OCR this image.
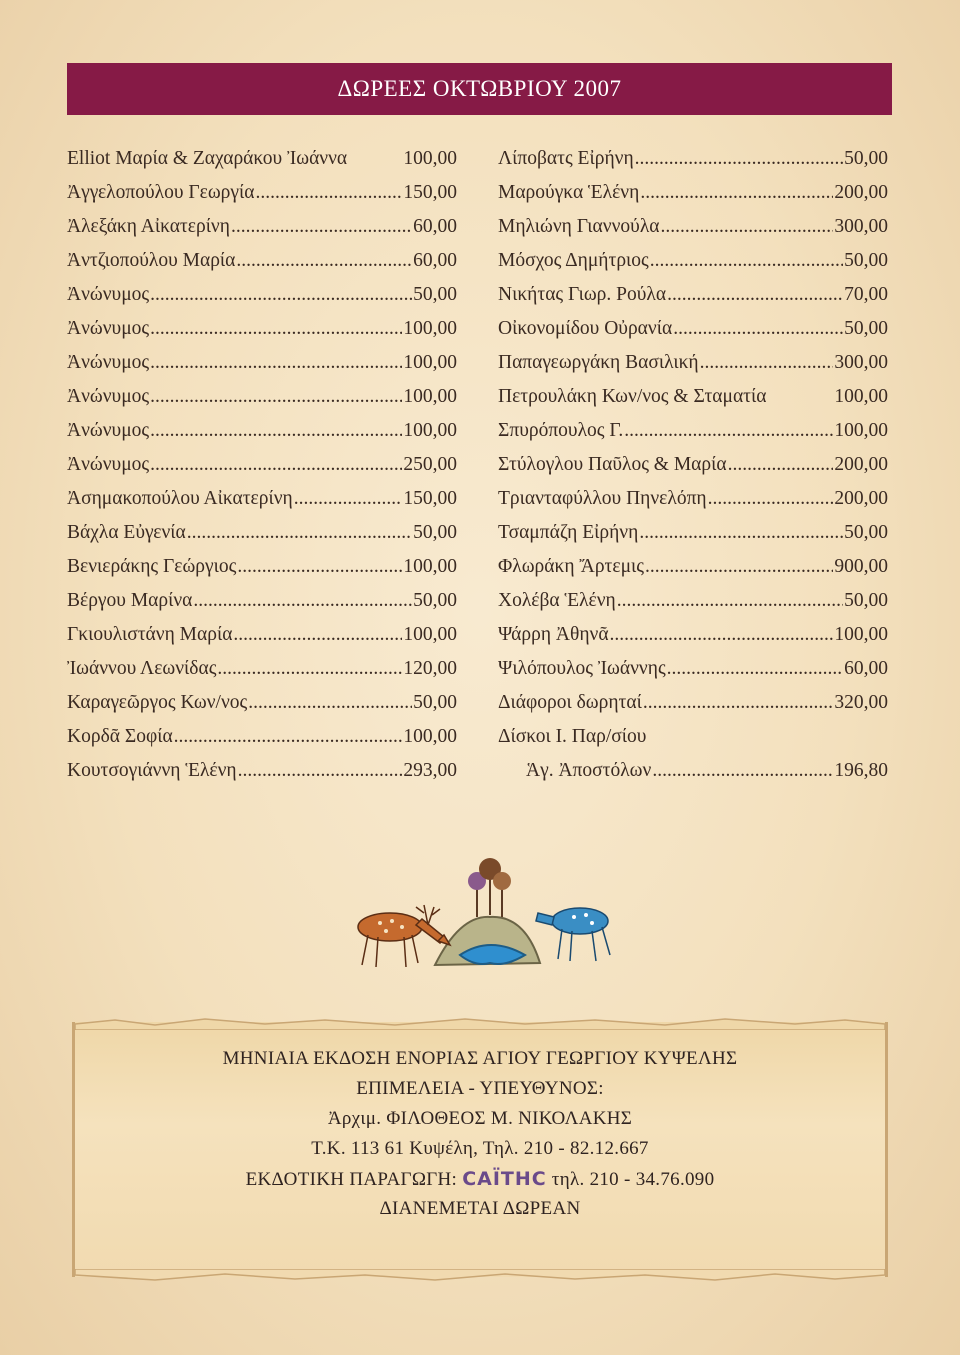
ΔΩΡΕΕΣ ΟΚΤΩΒΡΙΟΥ 2007
Elliot Μαρία & Ζαχαράκου Ἰωάννα	100,00
Ἀγγελοπούλου Γεωργία .....	150,00
Ἀλεξάκη Αἰκατερίνη .....	60,00
Ἀντζιοπούλου Μαρία .....	60,00
Ἀνώνυμος .....	50,00
Ἀνώνυμος .....	100,00
Ἀνώνυμος .....	100,00
Ἀνώνυμος .....	100,00
Ἀνώνυμος .....	100,00
Ἀνώνυμος .....	250,00
Ἀσημακοπούλου Αἰκατερίνη .....	150,00
Βάχλα Εὐγενία .....	50,00
Βενιεράκης Γεώργιος .....	100,00
Βέργου Μαρίνα .....	50,00
Γκιουλιστάνη Μαρία .....	100,00
Ἰωάννου Λεωνίδας .....	120,00
Καραγεῶργος Κων/νος .....	50,00
Κορδᾶ Σοφία .....	100,00
Κουτσογιάννη Ἑλένη .....	293,00
Λίποβατς Εἰρήνη .....	50,00
Μαρούγκα Ἑλένη .....	200,00
Μηλιώνη Γιαννούλα .....	300,00
Μόσχος Δημήτριος .....	50,00
Νικήτας Γιωρ. Ρούλα .....	70,00
Οἰκονομίδου Οὐρανία .....	50,00
Παπαγεωργάκη Βασιλική .....	300,00
Πετρουλάκη Κων/νος & Σταματία	100,00
Σπυρόπουλος Γ. .....	100,00
Στύλογλου Παῦλος & Μαρία .....	200,00
Τριανταφύλλου Πηνελόπη .....	200,00
Τσαμπάζη Εἰρήνη .....	50,00
Φλωράκη Ἄρτεμις .....	900,00
Χολέβα Ἑλένη .....	50,00
Ψάρρη Ἀθηνᾶ .....	100,00
Ψιλόπουλος Ἰωάννης .....	60,00
Διάφοροι δωρηταί .....	320,00
Δίσκοι Ι. Παρ/σίου
Ἁγ. Ἀποστόλων .....	196,80
ΜΗΝΙΑΙΑ ΕΚΔΟΣΗ ΕΝΟΡΙΑΣ ΑΓΙΟΥ ΓΕΩΡΓΙΟΥ ΚΥΨΕΛΗΣ
ΕΠΙΜΕΛΕΙΑ - ΥΠΕΥΘΥΝΟΣ:
Ἀρχιμ. ΦΙΛΟΘΕΟΣ Μ. ΝΙΚΟΛΑΚΗΣ
Τ.Κ. 113 61 Κυψέλη, Τηλ. 210 - 82.12.667
ΕΚΔΟΤΙΚΗ ΠΑΡΑΓΩΓΗ: CAÏTHC τηλ. 210 - 34.76.090
ΔΙΑΝΕΜΕΤΑΙ ΔΩΡΕΑΝ
